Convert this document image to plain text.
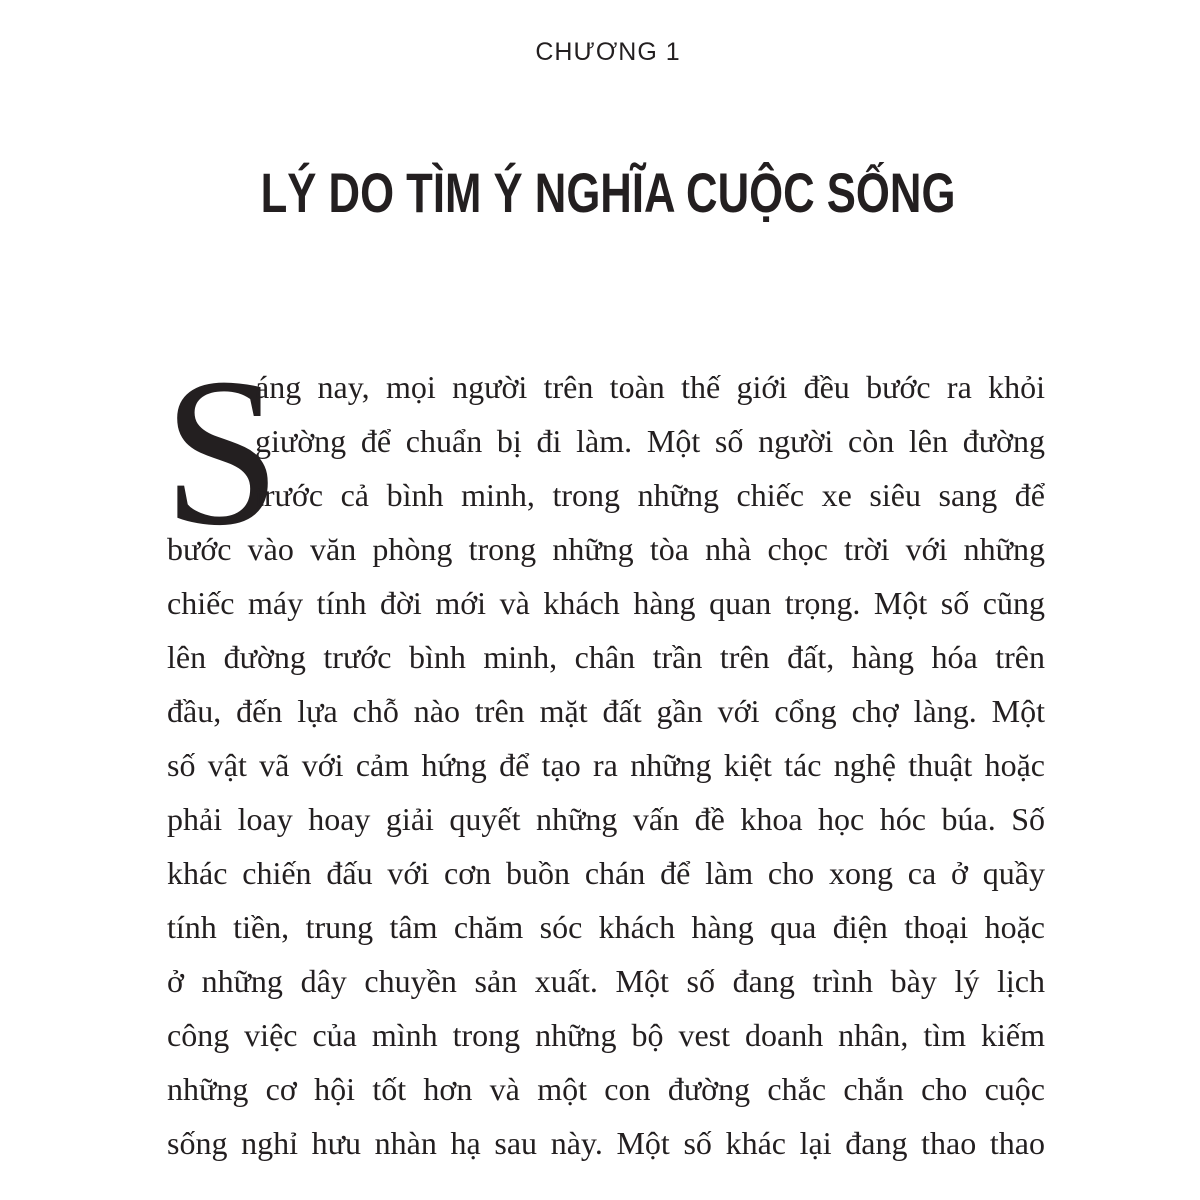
CHƯƠNG 1
LÝ DO TÌM Ý NGHĨA CUỘC SỐNG
S
áng nay, mọi người trên toàn thế giới đều bước ra khỏi
giường để chuẩn bị đi làm. Một số người còn lên đường
trước cả bình minh, trong những chiếc xe siêu sang để
bước vào văn phòng trong những tòa nhà chọc trời với những
chiếc máy tính đời mới và khách hàng quan trọng. Một số cũng
lên đường trước bình minh, chân trần trên đất, hàng hóa trên
đầu, đến lựa chỗ nào trên mặt đất gần với cổng chợ làng. Một
số vật vã với cảm hứng để tạo ra những kiệt tác nghệ thuật hoặc
phải loay hoay giải quyết những vấn đề khoa học hóc búa. Số
khác chiến đấu với cơn buồn chán để làm cho xong ca ở quầy
tính tiền, trung tâm chăm sóc khách hàng qua điện thoại hoặc
ở những dây chuyền sản xuất. Một số đang trình bày lý lịch
công việc của mình trong những bộ vest doanh nhân, tìm kiếm
những cơ hội tốt hơn và một con đường chắc chắn cho cuộc
sống nghỉ hưu nhàn hạ sau này. Một số khác lại đang thao thao
